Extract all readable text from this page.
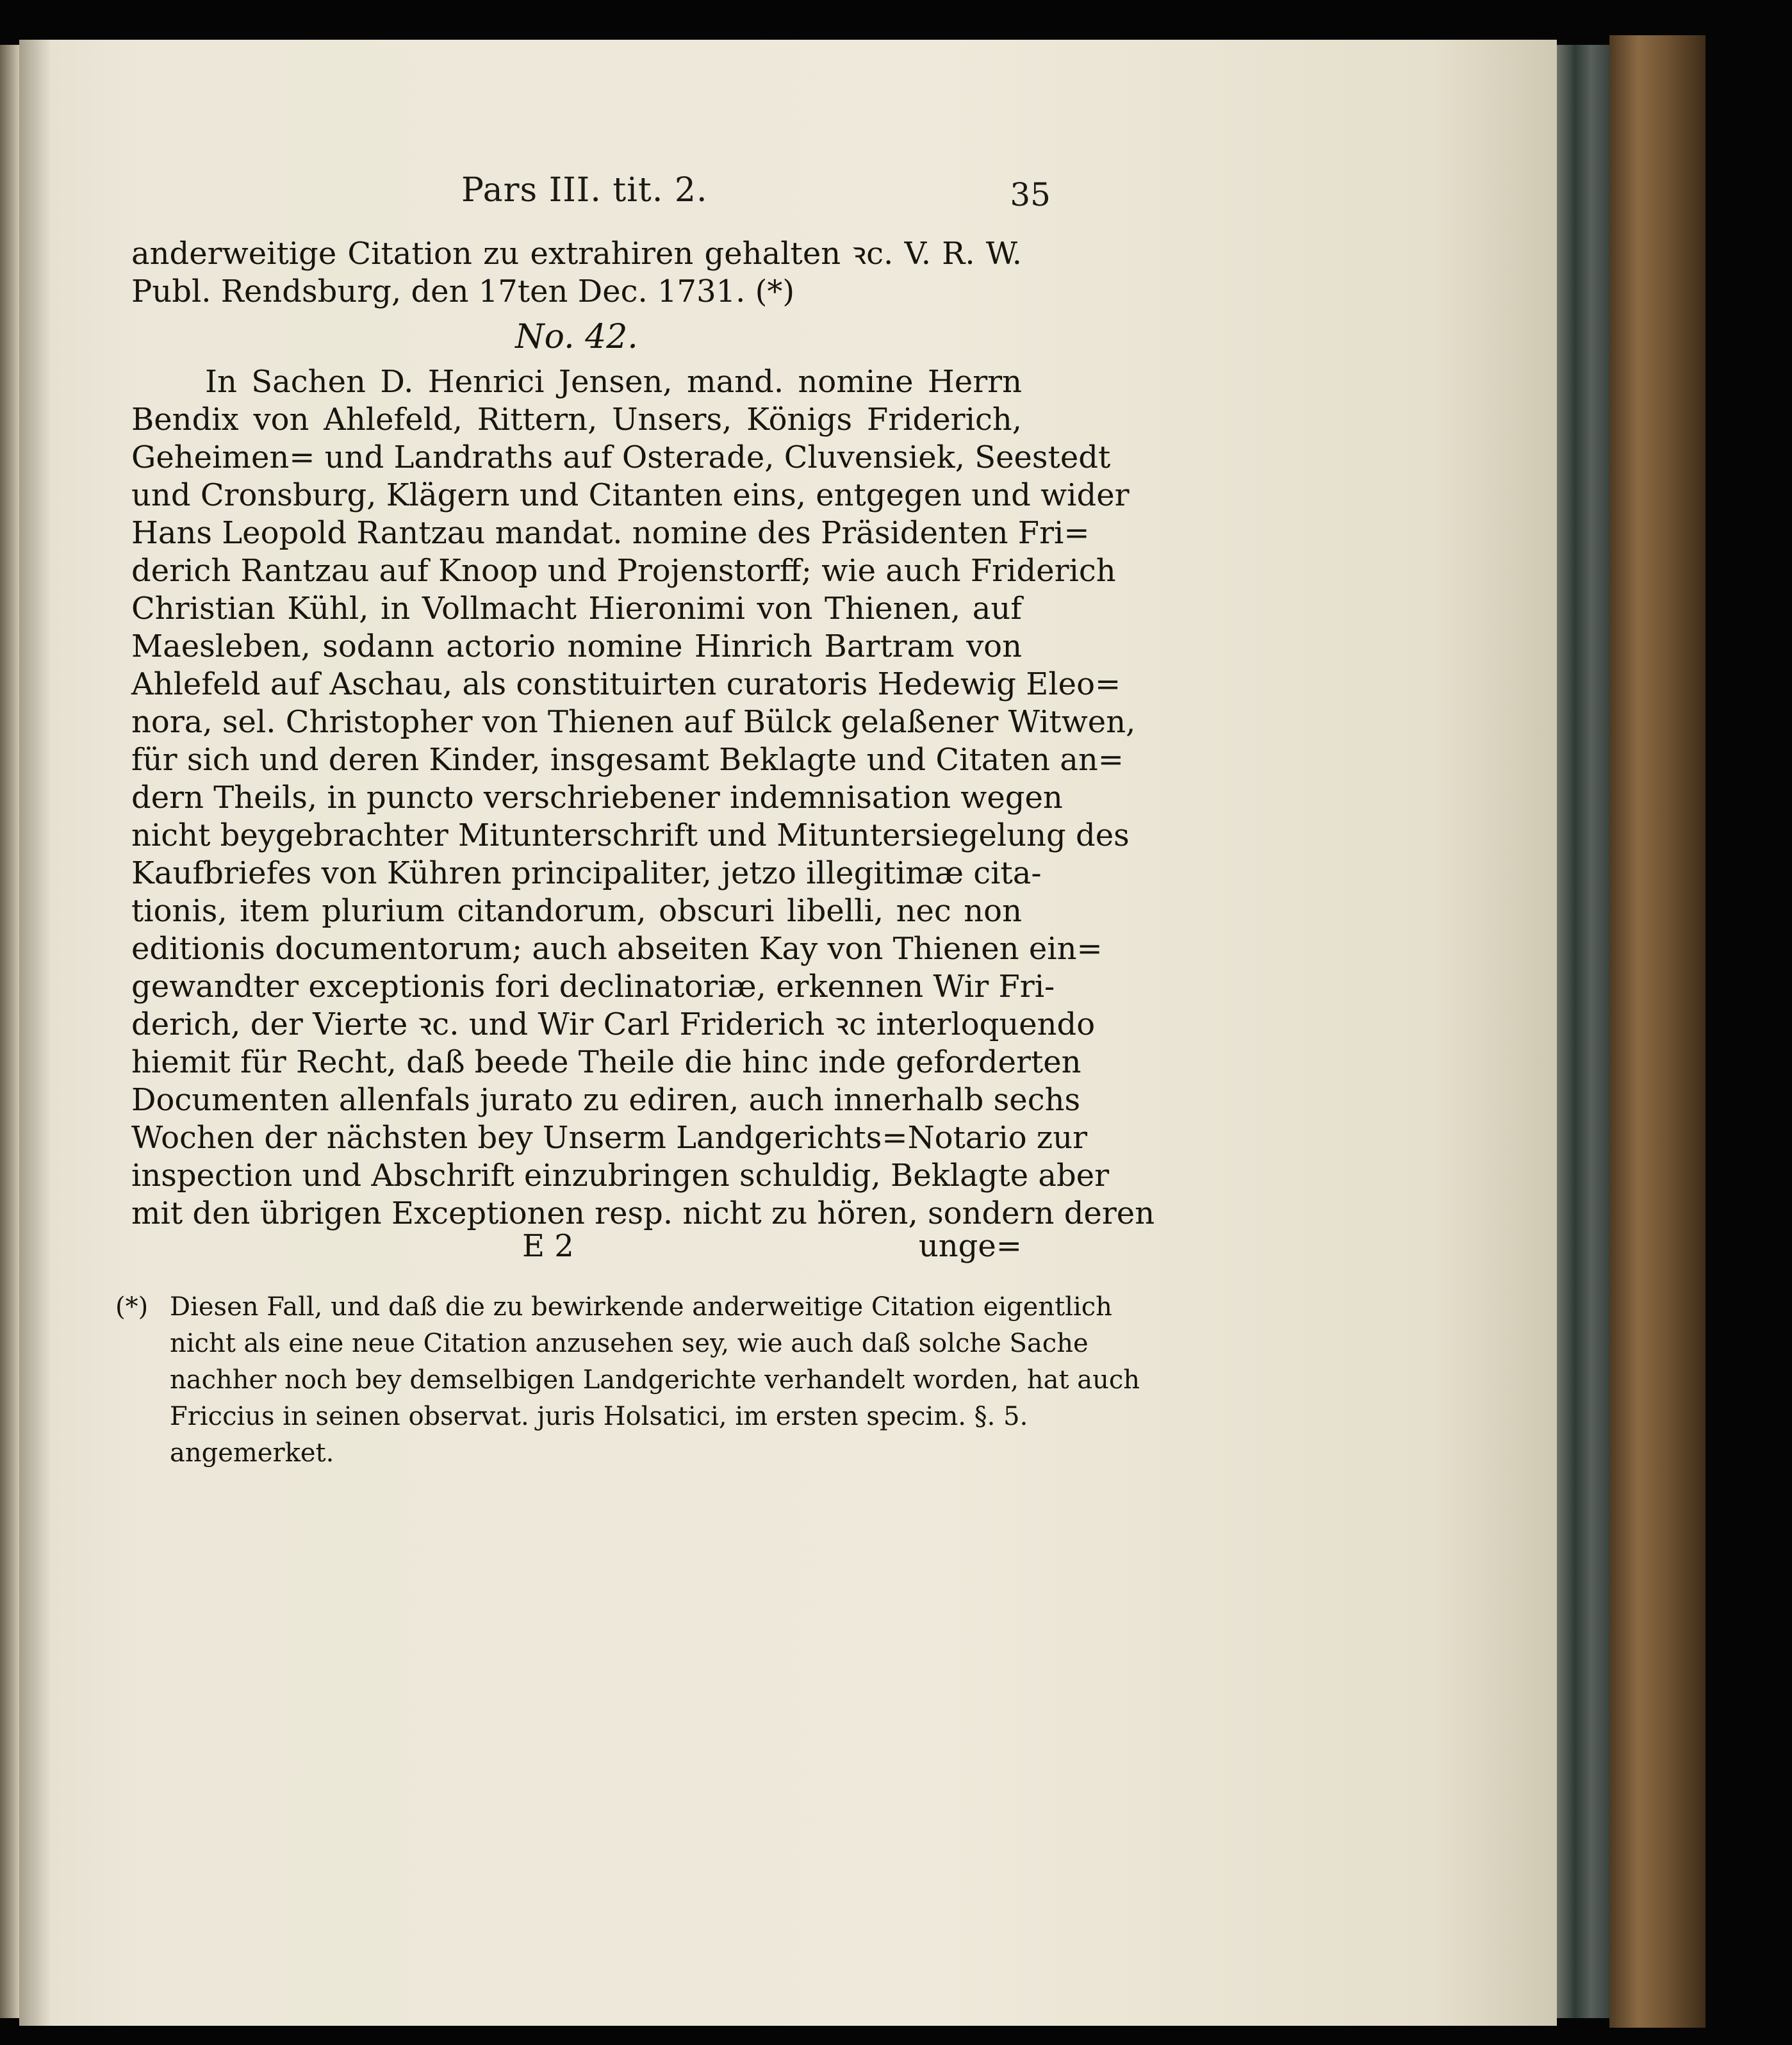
Pars III. tit. 2.	35
anderweitige Citation zu extrahiren gehalten ꝛc. V. R. W.
Publ. Rendsburg, den 17ten Dec. 1731. (*)
No. 42.
In Sachen D. Henrici Jensen, mand. nomine Herrn
Bendix von Ahlefeld, Rittern, Unsers, Königs Friderich,
Geheimen= und Landraths auf Osterade, Cluvensiek, Seestedt
und Cronsburg, Klägern und Citanten eins, entgegen und wider
Hans Leopold Rantzau mandat. nomine des Präsidenten Fri=
derich Rantzau auf Knoop und Projenstorff; wie auch Friderich
Christian Kühl, in Vollmacht Hieronimi von Thienen, auf
Maesleben, sodann actorio nomine Hinrich Bartram von
Ahlefeld auf Aschau, als constituirten curatoris Hedewig Eleo=
nora, sel. Christopher von Thienen auf Bülck gelaßener Witwen,
für sich und deren Kinder, insgesamt Beklagte und Citaten an=
dern Theils, in puncto verschriebener indemnisation wegen
nicht beygebrachter Mitunterschrift und Mituntersiegelung des
Kaufbriefes von Kühren principaliter, jetzo illegitimæ cita-
tionis, item plurium citandorum, obscuri libelli, nec non
editionis documentorum; auch abseiten Kay von Thienen ein=
gewandter exceptionis fori declinatoriæ, erkennen Wir Fri-
derich, der Vierte ꝛc. und Wir Carl Friderich ꝛc interloquendo
hiemit für Recht, daß beede Theile die hinc inde geforderten
Documenten allenfals jurato zu ediren, auch innerhalb sechs
Wochen der nächsten bey Unserm Landgerichts=Notario zur
inspection und Abschrift einzubringen schuldig, Beklagte aber
mit den übrigen Exceptionen resp. nicht zu hören, sondern deren
E 2	unge=
(*) Diesen Fall, und daß die zu bewirkende anderweitige Citation eigentlich
nicht als eine neue Citation anzusehen sey, wie auch daß solche Sache
nachher noch bey demselbigen Landgerichte verhandelt worden, hat auch
Friccius in seinen observat. juris Holsatici, im ersten specim. §. 5.
angemerket.
